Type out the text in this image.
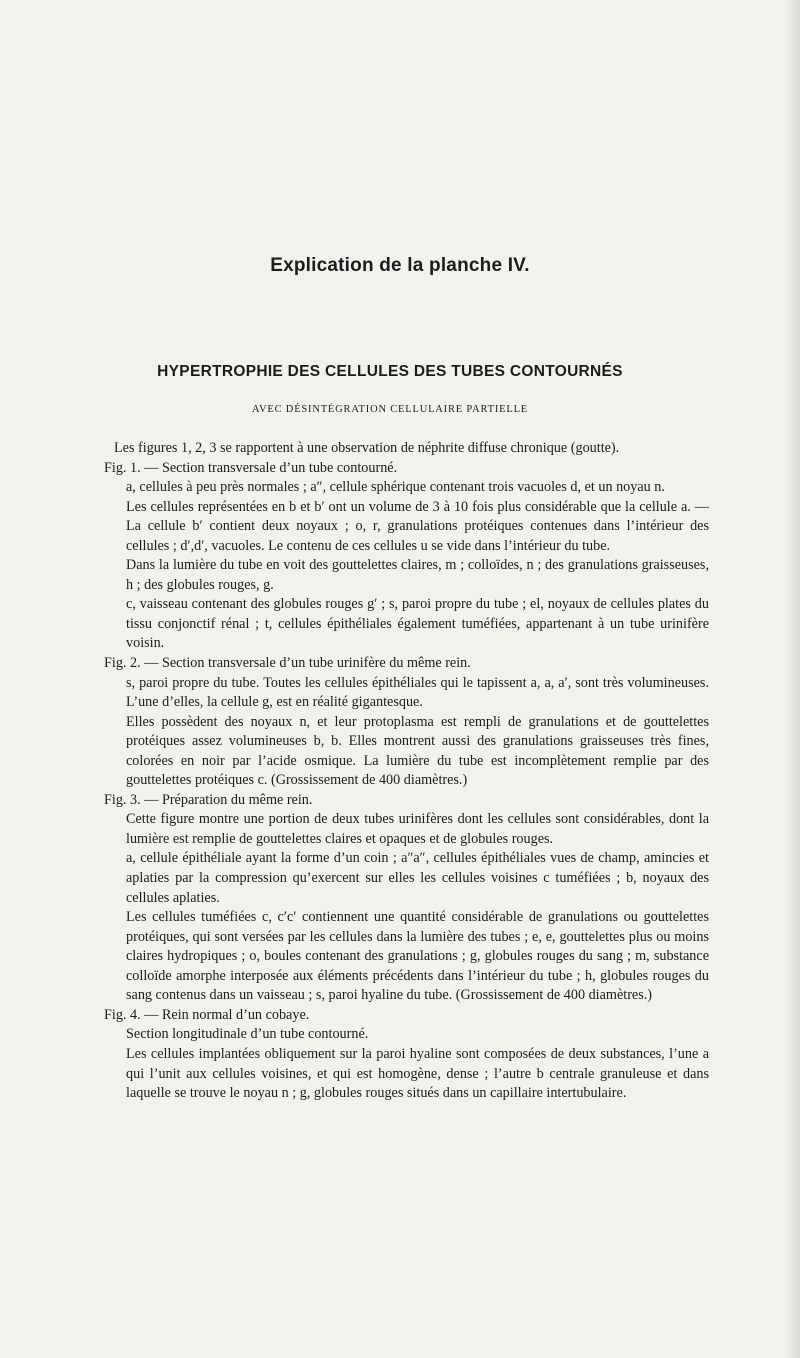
Explication de la planche IV.
HYPERTROPHIE DES CELLULES DES TUBES CONTOURNÉS
AVEC DÉSINTÉGRATION CELLULAIRE PARTIELLE

Les figures 1, 2, 3 se rapportent à une observation de néphrite diffuse chronique (goutte).

Fig. 1. — Section transversale d’un tube contourné.

a, cellules à peu près normales ; a″, cellule sphérique contenant trois vacuoles d, et un noyau n.

Les cellules représentées en b et b′ ont un volume de 3 à 10 fois plus considérable que la cellule a. — La cellule b′ contient deux noyaux ; o, r, granulations protéiques contenues dans l’intérieur des cellules ; d′,d′, vacuoles. Le contenu de ces cellules u se vide dans l’intérieur du tube.

Dans la lumière du tube en voit des gouttelettes claires, m ; colloïdes, n ; des granulations graisseuses, h ; des globules rouges, g.

c, vaisseau contenant des globules rouges g′ ; s, paroi propre du tube ; el, noyaux de cellules plates du tissu conjonctif rénal ; t, cellules épithéliales également tuméfiées, appartenant à un tube urinifère voisin.

Fig. 2. — Section transversale d’un tube urinifère du même rein.

s, paroi propre du tube. Toutes les cellules épithéliales qui le tapissent a, a, a′, sont très volumineuses. L’une d’elles, la cellule g, est en réalité gigantesque.

Elles possèdent des noyaux n, et leur protoplasma est rempli de granulations et de gouttelettes protéiques assez volumineuses b, b. Elles montrent aussi des granulations graisseuses très fines, colorées en noir par l’acide osmique. La lumière du tube est incomplètement remplie par des gouttelettes protéiques c. (Grossissement de 400 diamètres.)

Fig. 3. — Préparation du même rein.

Cette figure montre une portion de deux tubes urinifères dont les cellules sont considérables, dont la lumière est remplie de gouttelettes claires et opaques et de globules rouges.

a, cellule épithéliale ayant la forme d’un coin ; a″a″, cellules épithéliales vues de champ, amincies et aplaties par la compression qu’exercent sur elles les cellules voisines c tuméfiées ; b, noyaux des cellules aplaties.

Les cellules tuméfiées c, c′c′ contiennent une quantité considérable de granulations ou gouttelettes protéiques, qui sont versées par les cellules dans la lumière des tubes ; e, e, gouttelettes plus ou moins claires hydropiques ; o, boules contenant des granulations ; g, globules rouges du sang ; m, substance colloïde amorphe interposée aux éléments précédents dans l’intérieur du tube ; h, globules rouges du sang contenus dans un vaisseau ; s, paroi hyaline du tube. (Grossissement de 400 diamètres.)

Fig. 4. — Rein normal d’un cobaye.

Section longitudinale d’un tube contourné.

Les cellules implantées obliquement sur la paroi hyaline sont composées de deux substances, l’une a qui l’unit aux cellules voisines, et qui est homogène, dense ; l’autre b centrale granuleuse et dans laquelle se trouve le noyau n ; g, globules rouges situés dans un capillaire intertubulaire.
